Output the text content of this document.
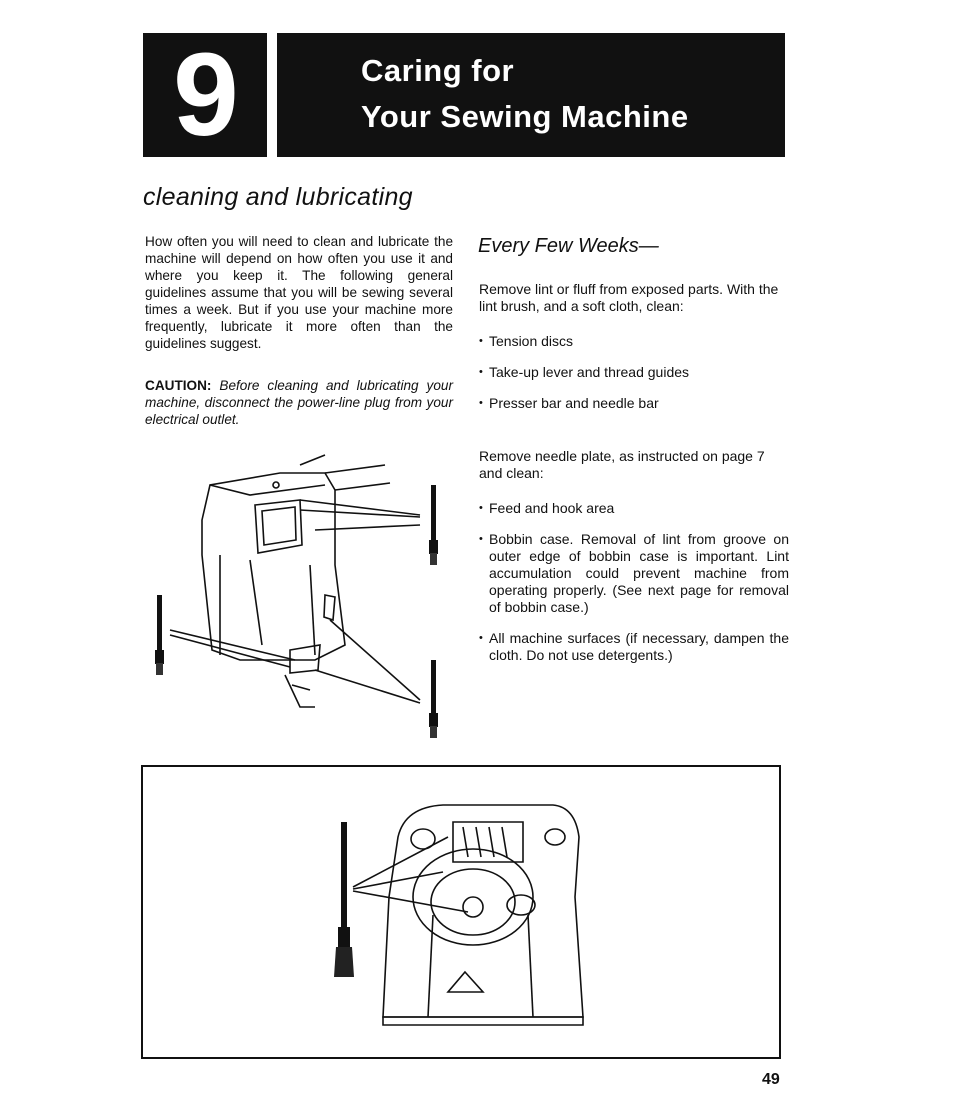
9	Caring for
Your Sewing Machine
cleaning and lubricating
How often you will need to clean and lubricate the machine will depend on how often you use it and where you keep it. The following general guidelines assume that you will be sewing several times a week. But if you use your machine more frequently, lubricate it more often than the guidelines suggest.
CAUTION: Before cleaning and lubricating your machine, disconnect the power-line plug from your electrical outlet.
Every Few Weeks—
Remove lint or fluff from exposed parts. With the lint brush, and a soft cloth, clean:
• Tension discs
• Take-up lever and thread guides
• Presser bar and needle bar
Remove needle plate, as instructed on page 7 and clean:
• Feed and hook area
• Bobbin case. Removal of lint from groove on outer edge of bobbin case is important. Lint accumulation could prevent machine from operating properly. (See next page for removal of bobbin case.)
• All machine surfaces (if necessary, dampen the cloth. Do not use detergents.)
49
